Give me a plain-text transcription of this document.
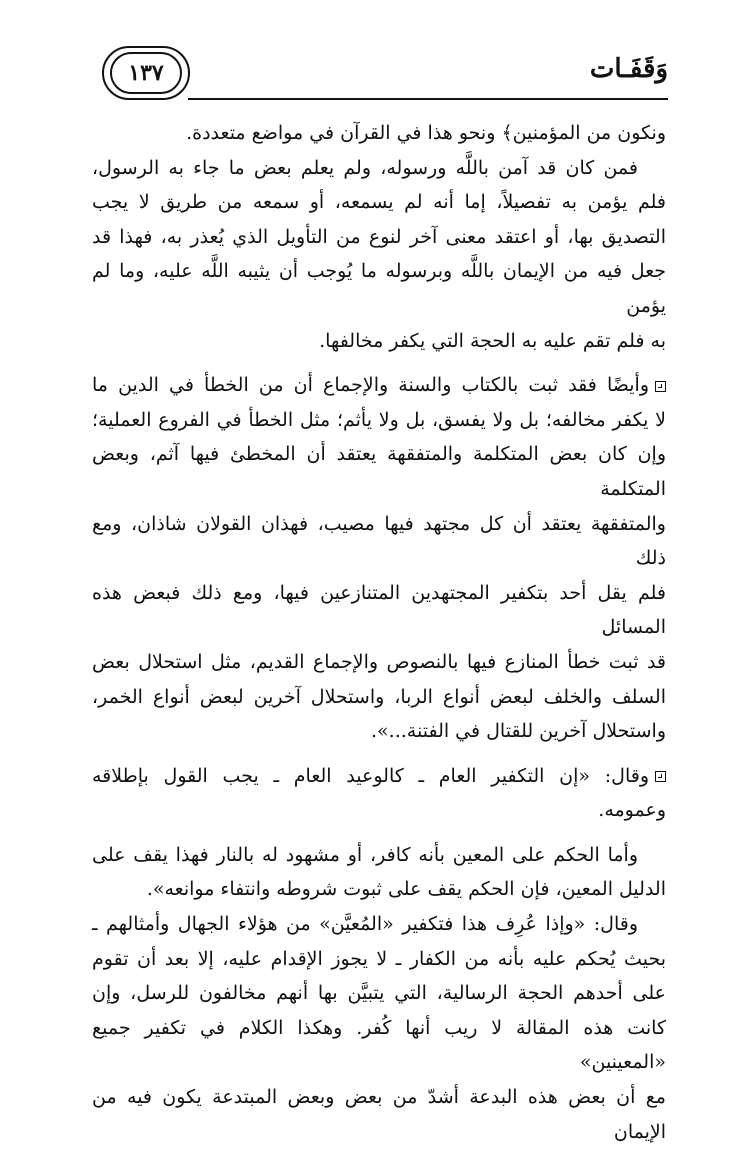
١٣٧	وَقَفَـات
ونكون من المؤمنين﴾ ونحو هذا في القرآن في مواضع متعددة.
فمن كان قد آمن باللَّه ورسوله، ولم يعلم بعض ما جاء به الرسول،
فلم يؤمن به تفصيلاً، إما أنه لم يسمعه، أو سمعه من طريق لا يجب
التصديق بها، أو اعتقد معنى آخر لنوع من التأويل الذي يُعذر به، فهذا قد
جعل فيه من الإيمان باللَّه وبرسوله ما يُوجب أن يثيبه اللَّه عليه، وما لم يؤمن
به فلم تقم عليه به الحجة التي يكفر مخالفها.
وأيضًا فقد ثبت بالكتاب والسنة والإجماع أن من الخطأ في الدين ما
لا يكفر مخالفه؛ بل ولا يفسق، بل ولا يأثم؛ مثل الخطأ في الفروع العملية؛
وإن كان بعض المتكلمة والمتفقهة يعتقد أن المخطئ فيها آثم، وبعض المتكلمة
والمتفقهة يعتقد أن كل مجتهد فيها مصيب، فهذان القولان شاذان، ومع ذلك
فلم يقل أحد بتكفير المجتهدين المتنازعين فيها، ومع ذلك فبعض هذه المسائل
قد ثبت خطأ المنازع فيها بالنصوص والإجماع القديم، مثل استحلال بعض
السلف والخلف لبعض أنواع الربا، واستحلال آخرين لبعض أنواع الخمر،
واستحلال آخرين للقتال في الفتنة...».
وقال: «إن التكفير العام ـ كالوعيد العام ـ يجب القول بإطلاقه
وعمومه.
وأما الحكم على المعين بأنه كافر، أو مشهود له بالنار فهذا يقف على
الدليل المعين، فإن الحكم يقف على ثبوت شروطه وانتفاء موانعه».
وقال: «وإذا عُرِف هذا فتكفير «المُعيَّن» من هؤلاء الجهال وأمثالهم ـ
بحيث يُحكم عليه بأنه من الكفار ـ لا يجوز الإقدام عليه، إلا بعد أن تقوم
على أحدهم الحجة الرسالية، التي يتبيَّن بها أنهم مخالفون للرسل، وإن
كانت هذه المقالة لا ريب أنها كُفر. وهكذا الكلام في تكفير جميع «المعينين»
مع أن بعض هذه البدعة أشدّ من بعض وبعض المبتدعة يكون فيه من الإيمان
